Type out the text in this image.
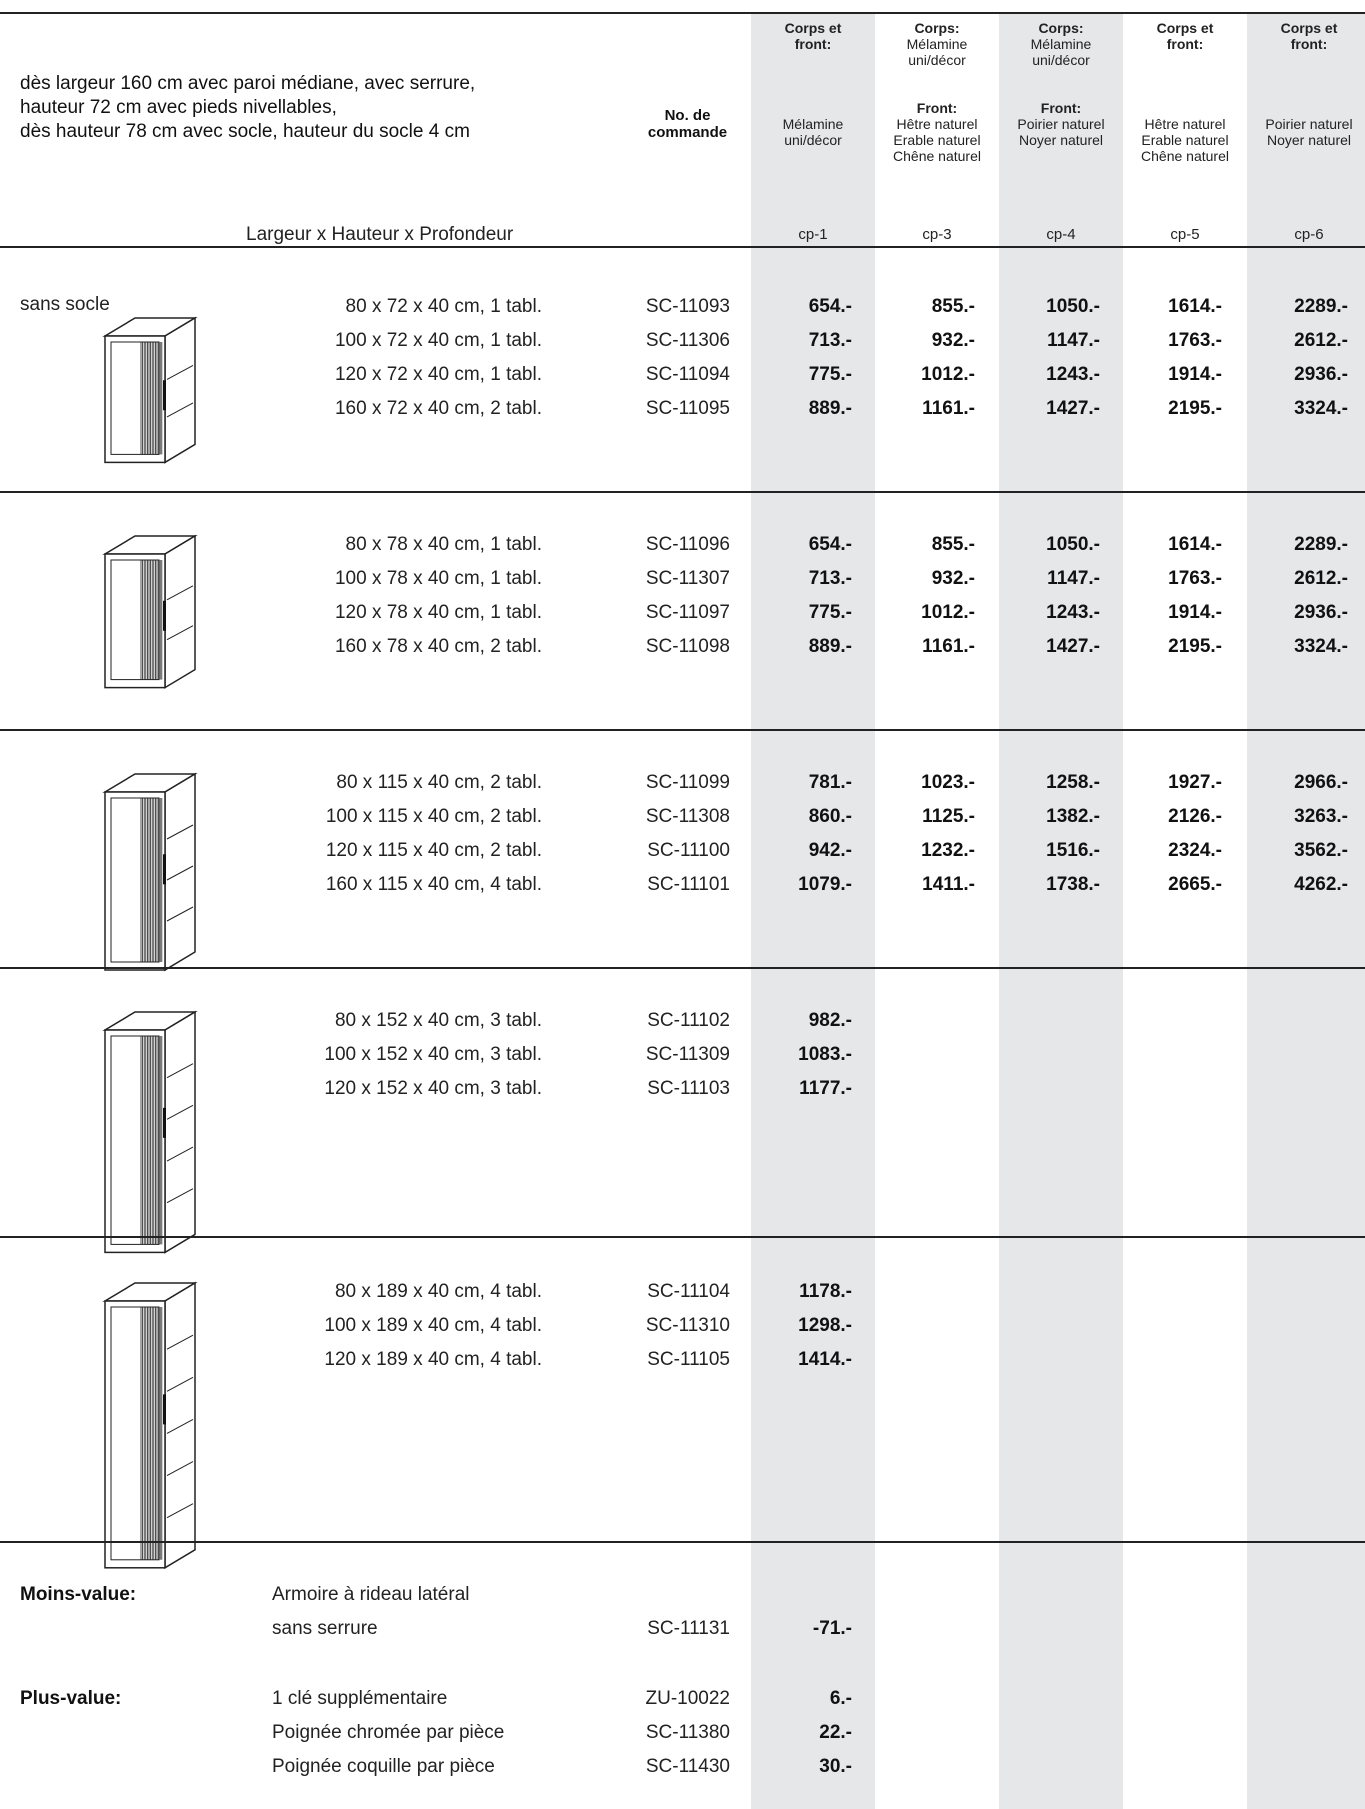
dès largeur 160 cm avec paroi médiane, avec serrure,
hauteur 72 cm avec pieds nivellables,
dès hauteur 78 cm avec socle, hauteur du socle 4 cm
No. de
commande
Corps et
front:
Mélamine
uni/décor
cp-1
Corps:
Mélamine
uni/décor
Front:
Hêtre naturel
Erable naturel
Chêne naturel
cp-3
Corps:
Mélamine
uni/décor
Front:
Poirier naturel
Noyer naturel
cp-4
Corps et
front:
Hêtre naturel
Erable naturel
Chêne naturel
cp-5
Corps et
front:
Poirier naturel
Noyer naturel
cp-6
Largeur x Hauteur x Profondeur
sans socle	80 x 72 x 40 cm, 1 tabl.	SC-11093	654.-	855.-	1050.-	1614.-	2289.-
100 x 72 x 40 cm, 1 tabl.	SC-11306	713.-	932.-	1147.-	1763.-	2612.-
120 x 72 x 40 cm, 1 tabl.	SC-11094	775.-	1012.-	1243.-	1914.-	2936.-
160 x 72 x 40 cm, 2 tabl.	SC-11095	889.-	1161.-	1427.-	2195.-	3324.-
80 x 78 x 40 cm, 1 tabl.	SC-11096	654.-	855.-	1050.-	1614.-	2289.-
100 x 78 x 40 cm, 1 tabl.	SC-11307	713.-	932.-	1147.-	1763.-	2612.-
120 x 78 x 40 cm, 1 tabl.	SC-11097	775.-	1012.-	1243.-	1914.-	2936.-
160 x 78 x 40 cm, 2 tabl.	SC-11098	889.-	1161.-	1427.-	2195.-	3324.-
80 x 115 x 40 cm, 2 tabl.	SC-11099	781.-	1023.-	1258.-	1927.-	2966.-
100 x 115 x 40 cm, 2 tabl.	SC-11308	860.-	1125.-	1382.-	2126.-	3263.-
120 x 115 x 40 cm, 2 tabl.	SC-11100	942.-	1232.-	1516.-	2324.-	3562.-
160 x 115 x 40 cm, 4 tabl.	SC-11101	1079.-	1411.-	1738.-	2665.-	4262.-
80 x 152 x 40 cm, 3 tabl.	SC-11102	982.-
100 x 152 x 40 cm, 3 tabl.	SC-11309	1083.-
120 x 152 x 40 cm, 3 tabl.	SC-11103	1177.-
80 x 189 x 40 cm, 4 tabl.	SC-11104	1178.-
100 x 189 x 40 cm, 4 tabl.	SC-11310	1298.-
120 x 189 x 40 cm, 4 tabl.	SC-11105	1414.-
Moins-value:	Armoire à rideau latéral
sans serrure	SC-11131	-71.-
Plus-value:	1 clé supplémentaire	ZU-10022	6.-
Poignée chromée par pièce	SC-11380	22.-
Poignée coquille par pièce	SC-11430	30.-
